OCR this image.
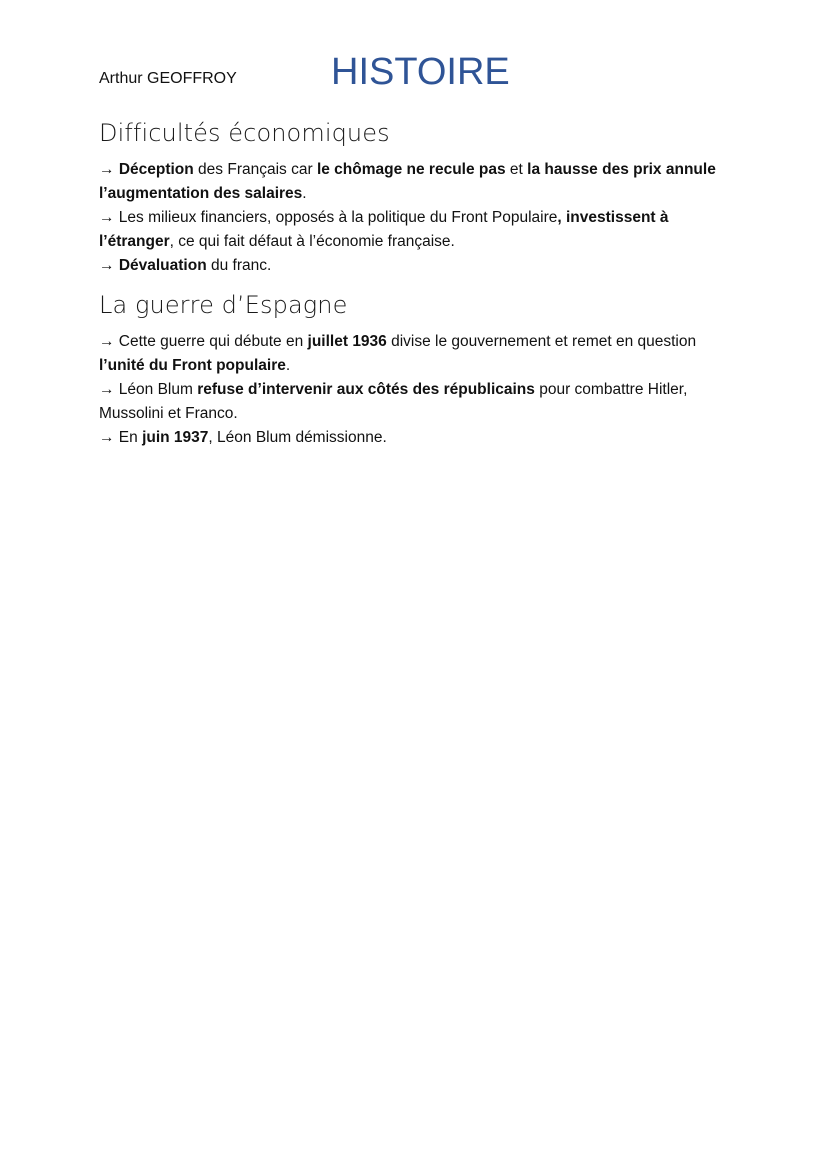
Arthur GEOFFROY HISTOIRE
Difficultés économiques

→ Déception des Français car le chômage ne recule pas et la hausse des prix annule l’augmentation des salaires.

→ Les milieux financiers, opposés à la politique du Front Populaire, investissent à l’étranger, ce qui fait défaut à l’économie française.

→ Dévaluation du franc.

La guerre d’Espagne

→ Cette guerre qui débute en juillet 1936 divise le gouvernement et remet en question l’unité du Front populaire.

→ Léon Blum refuse d’intervenir aux côtés des républicains pour combattre Hitler, Mussolini et Franco.

→ En juin 1937, Léon Blum démissionne.
